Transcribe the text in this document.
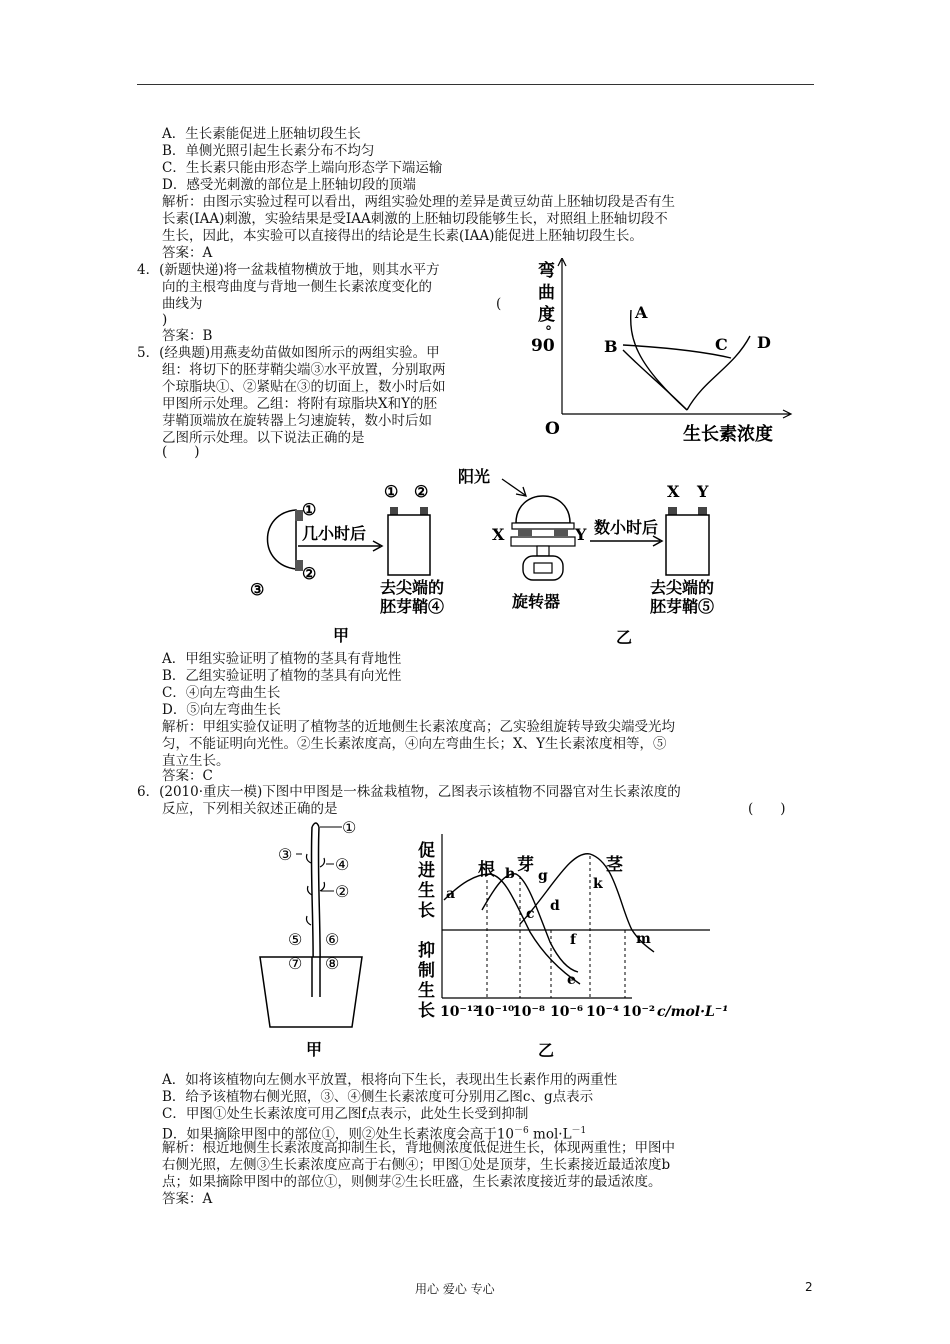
A．生长素能促进上胚轴切段生长
B．单侧光照引起生长素分布不均匀
C．生长素只能由形态学上端向形态学下端运输
D．感受光刺激的部位是上胚轴切段的顶端
解析：由图示实验过程可以看出，两组实验处理的差异是黄豆幼苗上胚轴切段是否有生
长素(IAA)刺激，实验结果是受IAA刺激的上胚轴切段能够生长，对照组上胚轴切段不
生长，因此，本实验可以直接得出的结论是生长素(IAA)能促进上胚轴切段生长。
答案：A
4．(新题快递)将一盆栽植物横放于地，则其水平方
向的主根弯曲度与背地一侧生长素浓度变化的
曲线为	(
)
答案：B
弯
曲
度
°
90
O	生长素浓度
A
B	C D
5．(经典题)用燕麦幼苗做如图所示的两组实验。甲
组：将切下的胚芽鞘尖端③水平放置，分别取两
个琼脂块①、②紧贴在③的切面上，数小时后如
甲图所示处理。乙组：将附有琼脂块X和Y的胚
芽鞘顶端放在旋转器上匀速旋转，数小时后如
乙图所示处理。以下说法正确的是
(　　)
①
②
③
几小时后
① ②
去尖端的
胚芽鞘④
甲
阳光
X	Y
旋转器
数小时后
X Y
去尖端的
胚芽鞘⑤
乙
A．甲组实验证明了植物的茎具有背地性
B．乙组实验证明了植物的茎具有向光性
C．④向左弯曲生长
D．⑤向左弯曲生长
解析：甲组实验仅证明了植物茎的近地侧生长素浓度高；乙实验组旋转导致尖端受光均
匀，不能证明向光性。②生长素浓度高，④向左弯曲生长；X、Y生长素浓度相等，⑤
直立生长。
答案：C
6．(2010·重庆一模)下图中甲图是一株盆栽植物，乙图表示该植物不同器官对生长素浓度的
反应，下列相关叙述正确的是	(　　)
①
②
③
④
⑤ ⑥
⑦ ⑧
甲
促
进
生
长
抑
制
生
长
根 芽	茎
a
b
c d
e
f
g	k
m
10⁻¹²
10⁻¹⁰
10⁻⁸ 10⁻⁶ 10⁻⁴ 10⁻² c/mol·L⁻¹
乙
A．如将该植物向左侧水平放置，根将向下生长，表现出生长素作用的两重性
B．给予该植物右侧光照，③、④侧生长素浓度可分别用乙图c、g点表示
C．甲图①处生长素浓度可用乙图f点表示，此处生长受到抑制
D．如果摘除甲图中的部位①，则②处生长素浓度会高于$10^{-6}$ $mol\cdot L^{-1}$
解析：根近地侧生长素浓度高抑制生长，背地侧浓度低促进生长，体现两重性；甲图中
右侧光照，左侧③生长素浓度应高于右侧④；甲图①处是顶芽，生长素接近最适浓度b
点；如果摘除甲图中的部位①，则侧芽②生长旺盛，生长素浓度接近芽的最适浓度。
答案：A
用心 爱心 专心	2
